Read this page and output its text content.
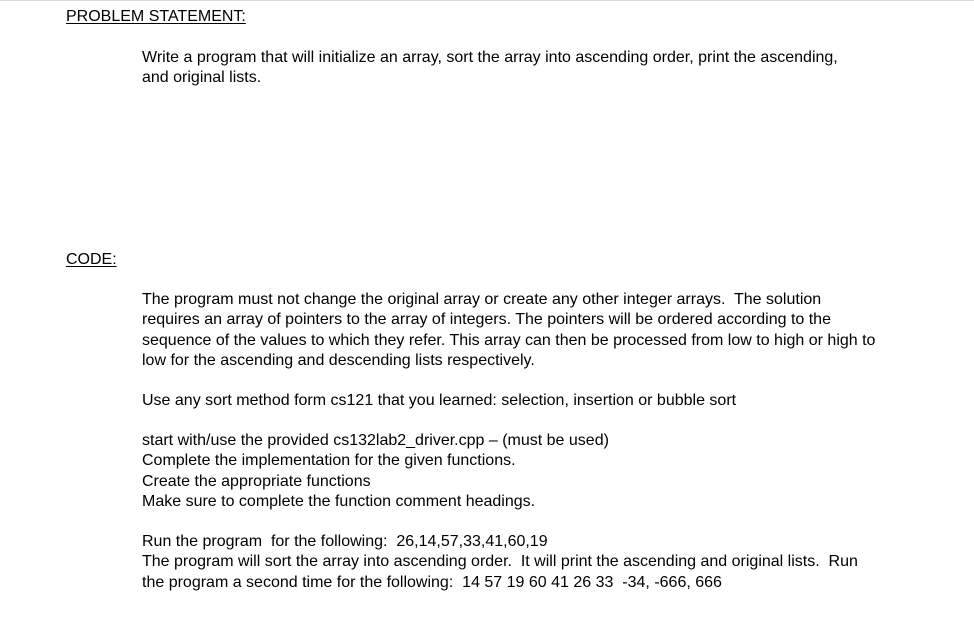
PROBLEM STATEMENT:

Write a program that will initialize an array, sort the array into ascending order, print the ascending,
and original lists.

CODE:

The program must not change the original array or create any other integer arrays.  The solution
requires an array of pointers to the array of integers. The pointers will be ordered according to the
sequence of the values to which they refer. This array can then be processed from low to high or high to
low for the ascending and descending lists respectively.

Use any sort method form cs121 that you learned: selection, insertion or bubble sort

start with/use the provided cs132lab2_driver.cpp – (must be used)
Complete the implementation for the given functions.
Create the appropriate functions
Make sure to complete the function comment headings.

Run the program  for the following:  26,14,57,33,41,60,19
The program will sort the array into ascending order.  It will print the ascending and original lists.  Run
the program a second time for the following:  14 57 19 60 41 26 33  -34, -666, 666
